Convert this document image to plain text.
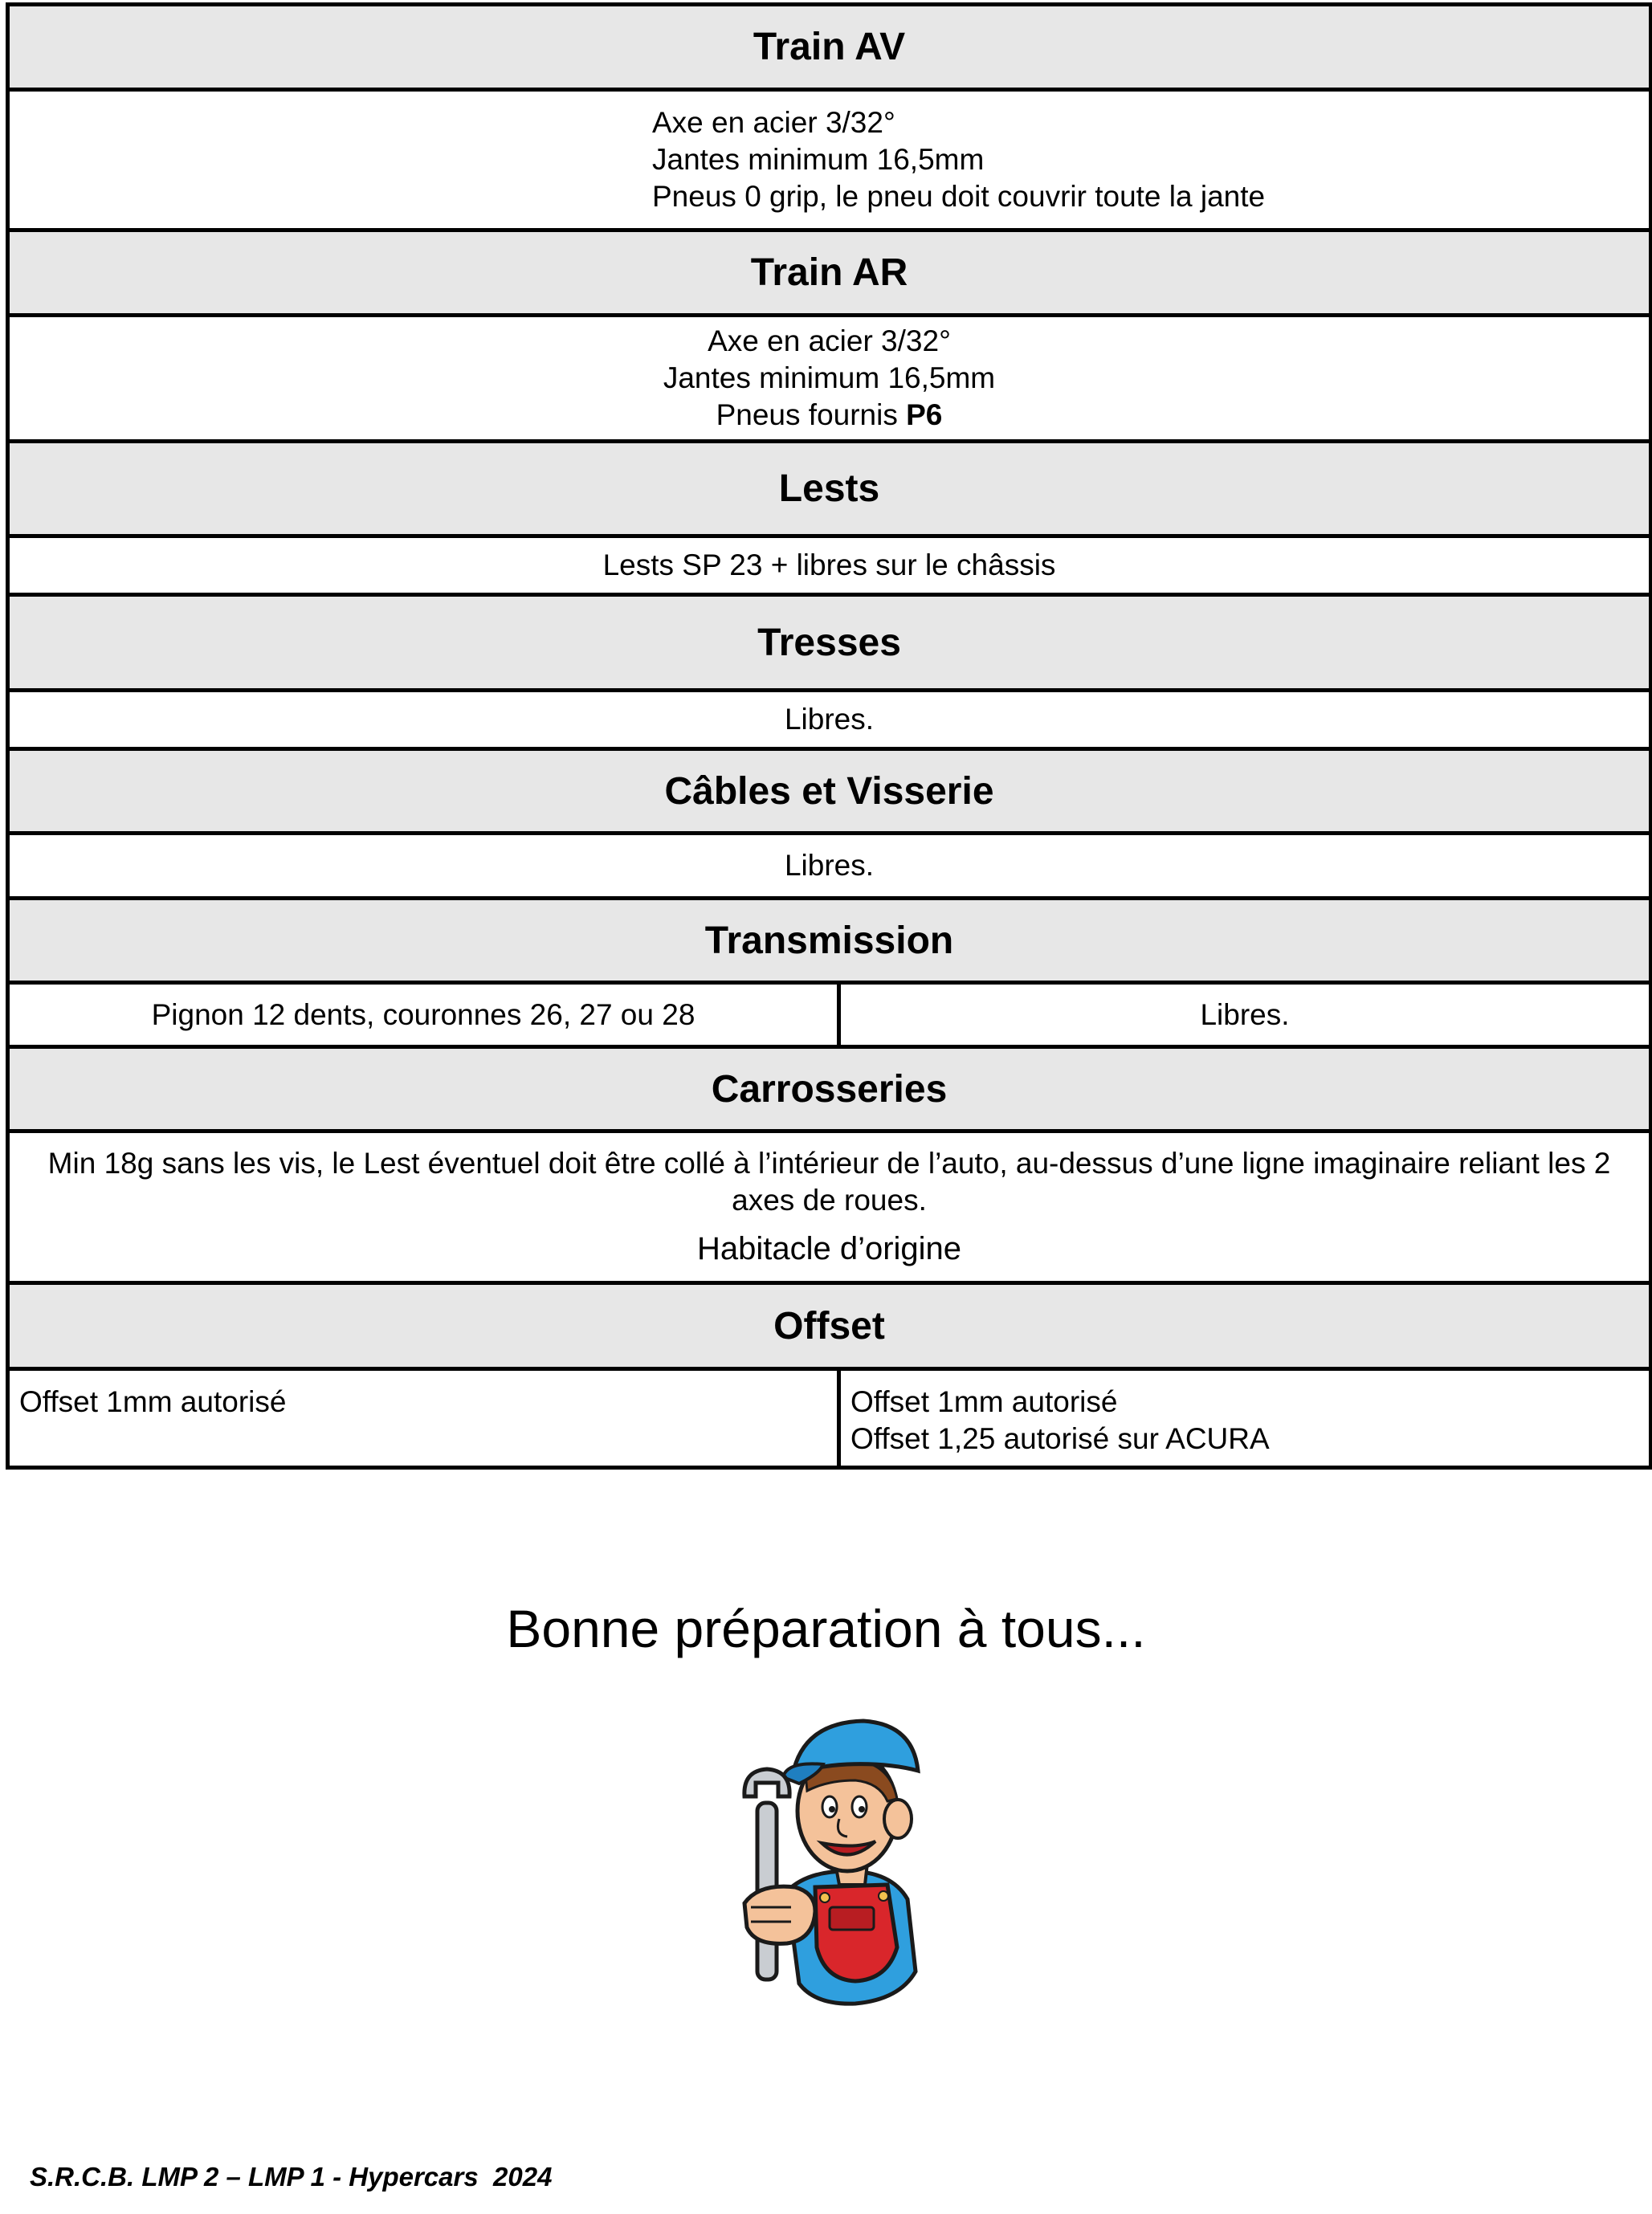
Train AV	

Axe en acier 3/32°
Jantes minimum 16,5mm
Pneus 0 grip, le pneu doit couvrir toute la jante	

Train AR	

Axe en acier 3/32°
Jantes minimum 16,5mm
Pneus fournis P6	

Lests	
Lests SP 23 + libres sur le châssis	
Tresses	
Libres.	
Câbles et Visserie	
Libres.	
Transmission	
Pignon 12 dents, couronnes 26, 27 ou 28	Libres.
Carrosseries	

Min 18g sans les vis, le Lest éventuel doit être collé à l’intérieur de l’auto, au-dessus d’une ligne imaginaire reliant les 2 axes de roues.
Habitacle d’origine	

Offset	

Offset 1mm autorisé	Offset 1mm autorisé
Offset 1,25 autorisé sur ACURA
Bonne préparation à tous...
S.R.C.B. LMP 2 – LMP 1 - Hypercars  2024
